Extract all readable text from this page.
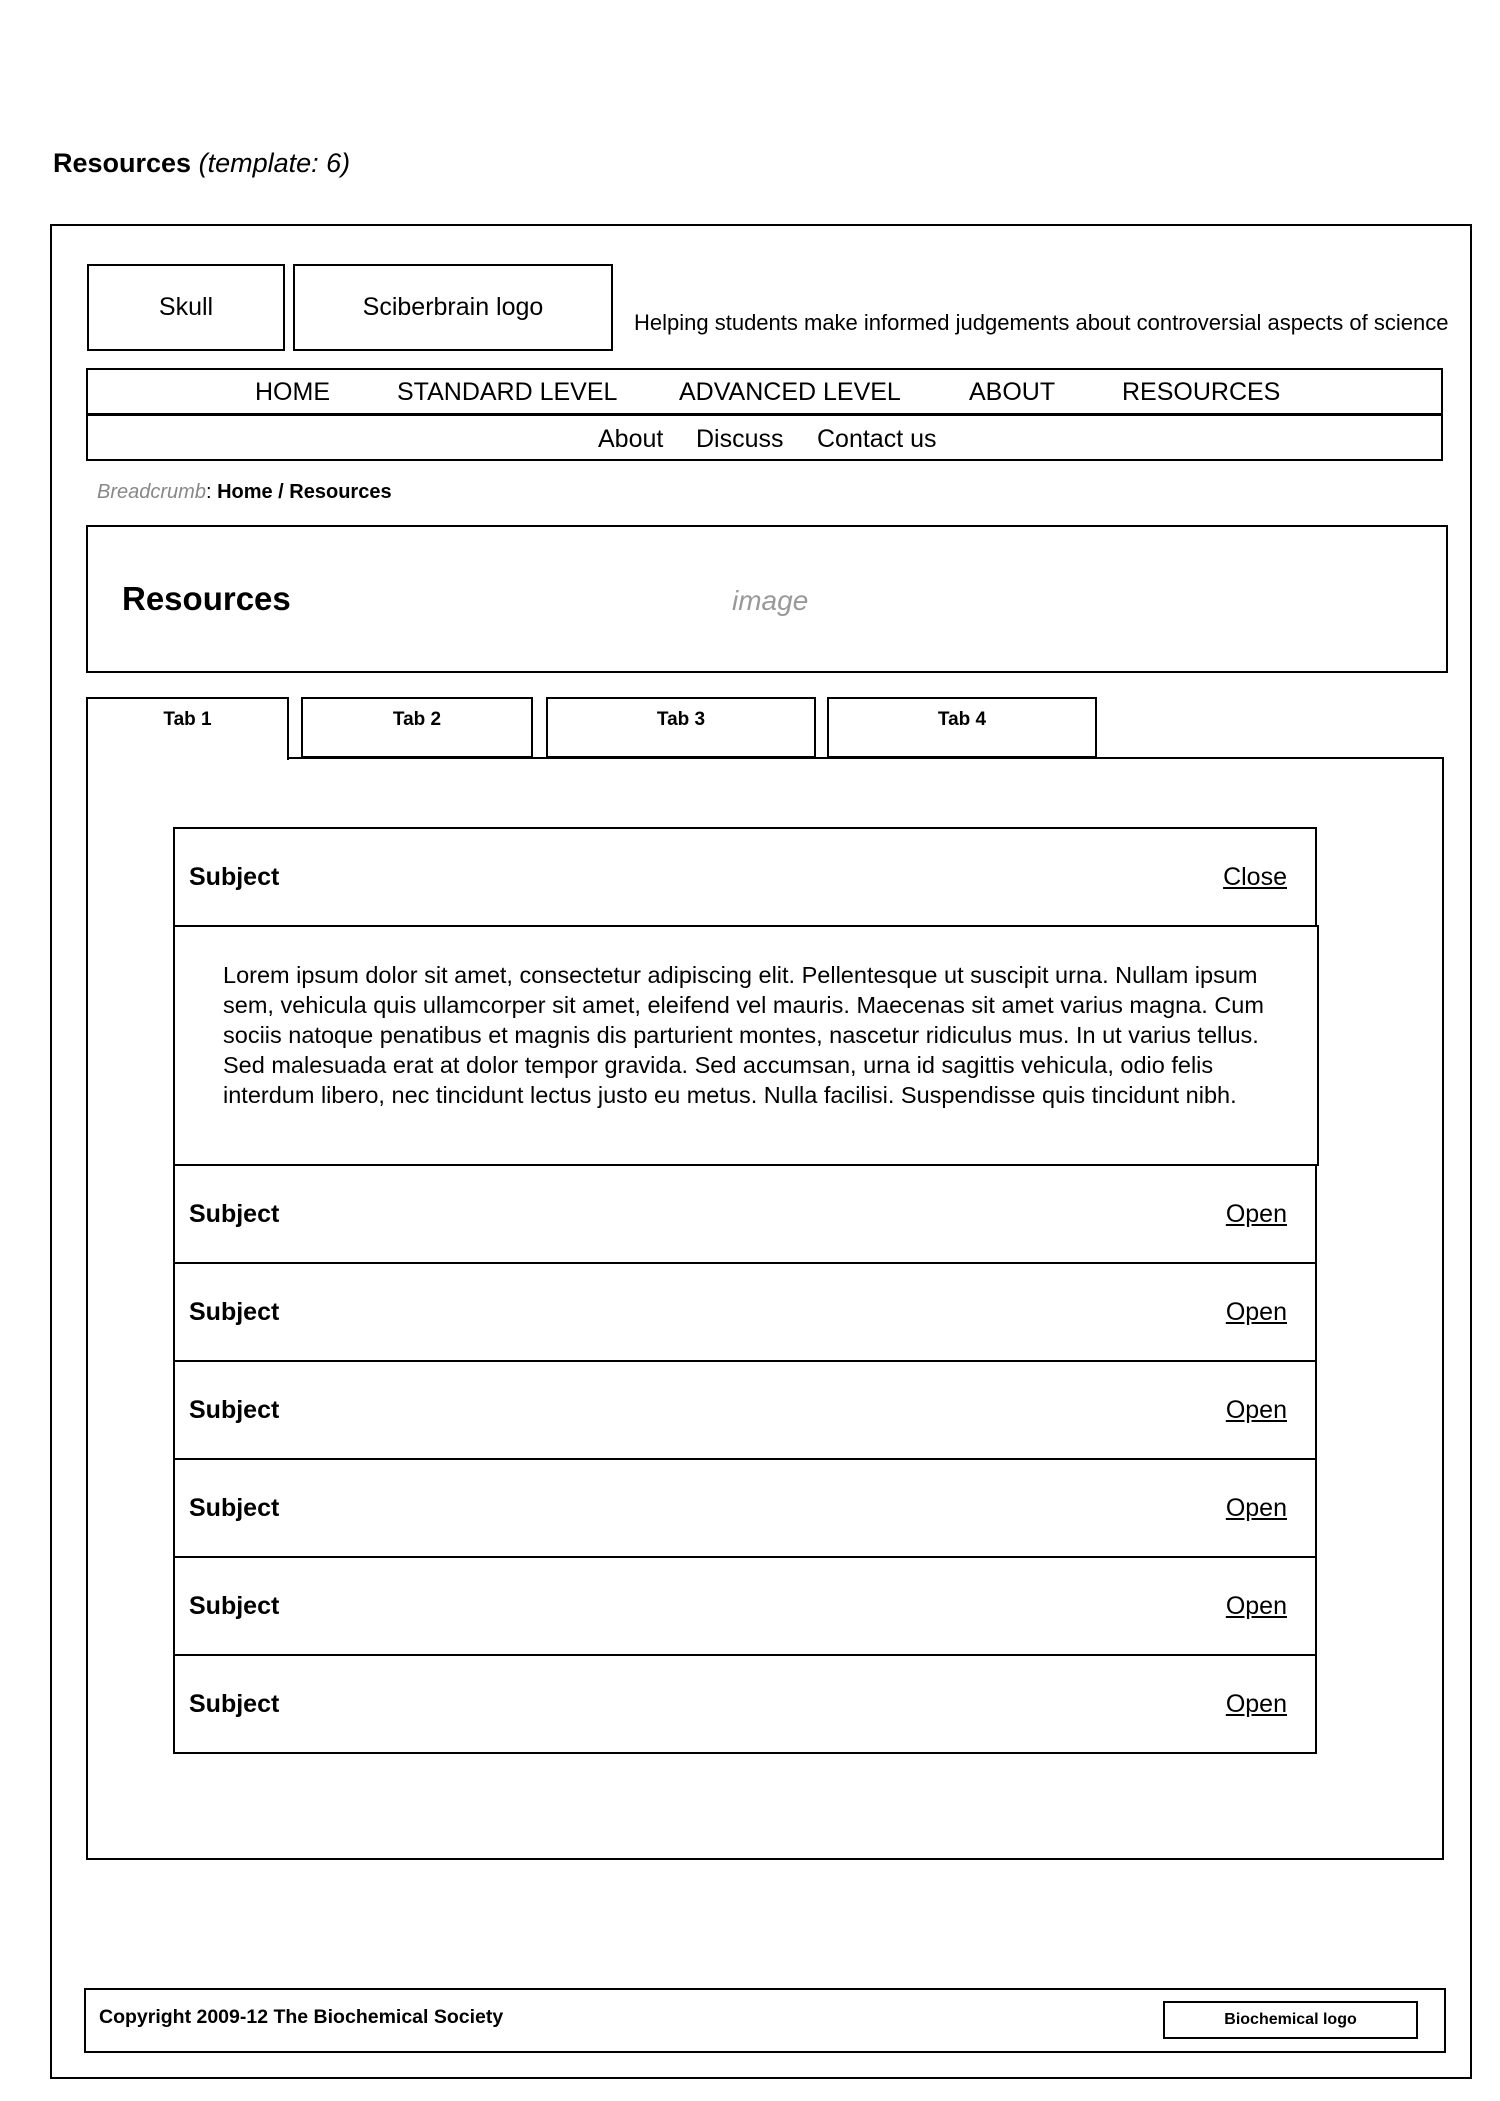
Resources (template: 6)
Skull	Sciberbrain logo
Helping students make informed judgements about controversial aspects of science
HOME	STANDARD LEVEL ADVANCED LEVEL	ABOUT	RESOURCES
About Discuss Contact us
Breadcrumb: Home / Resources
Resources	image
Tab 1	Tab 2	Tab 3	Tab 4
Subject	Close

Lorem ipsum dolor sit amet, consectetur adipiscing elit. Pellentesque ut suscipit urna. Nullam ipsum sem, vehicula quis ullamcorper sit amet, eleifend vel mauris. Maecenas sit amet varius magna. Cum sociis natoque penatibus et magnis dis parturient montes, nascetur ridiculus mus. In ut varius tellus. Sed malesuada erat at dolor tempor gravida. Sed accumsan, urna id sagittis vehicula, odio felis interdum libero, nec tincidunt lectus justo eu metus. Nulla facilisi. Suspendisse quis tincidunt nibh.

Subject	Open
Subject	Open
Subject	Open
Subject	Open
Subject	Open
Subject	Open
Copyright 2009-12 The Biochemical Society	Biochemical logo
